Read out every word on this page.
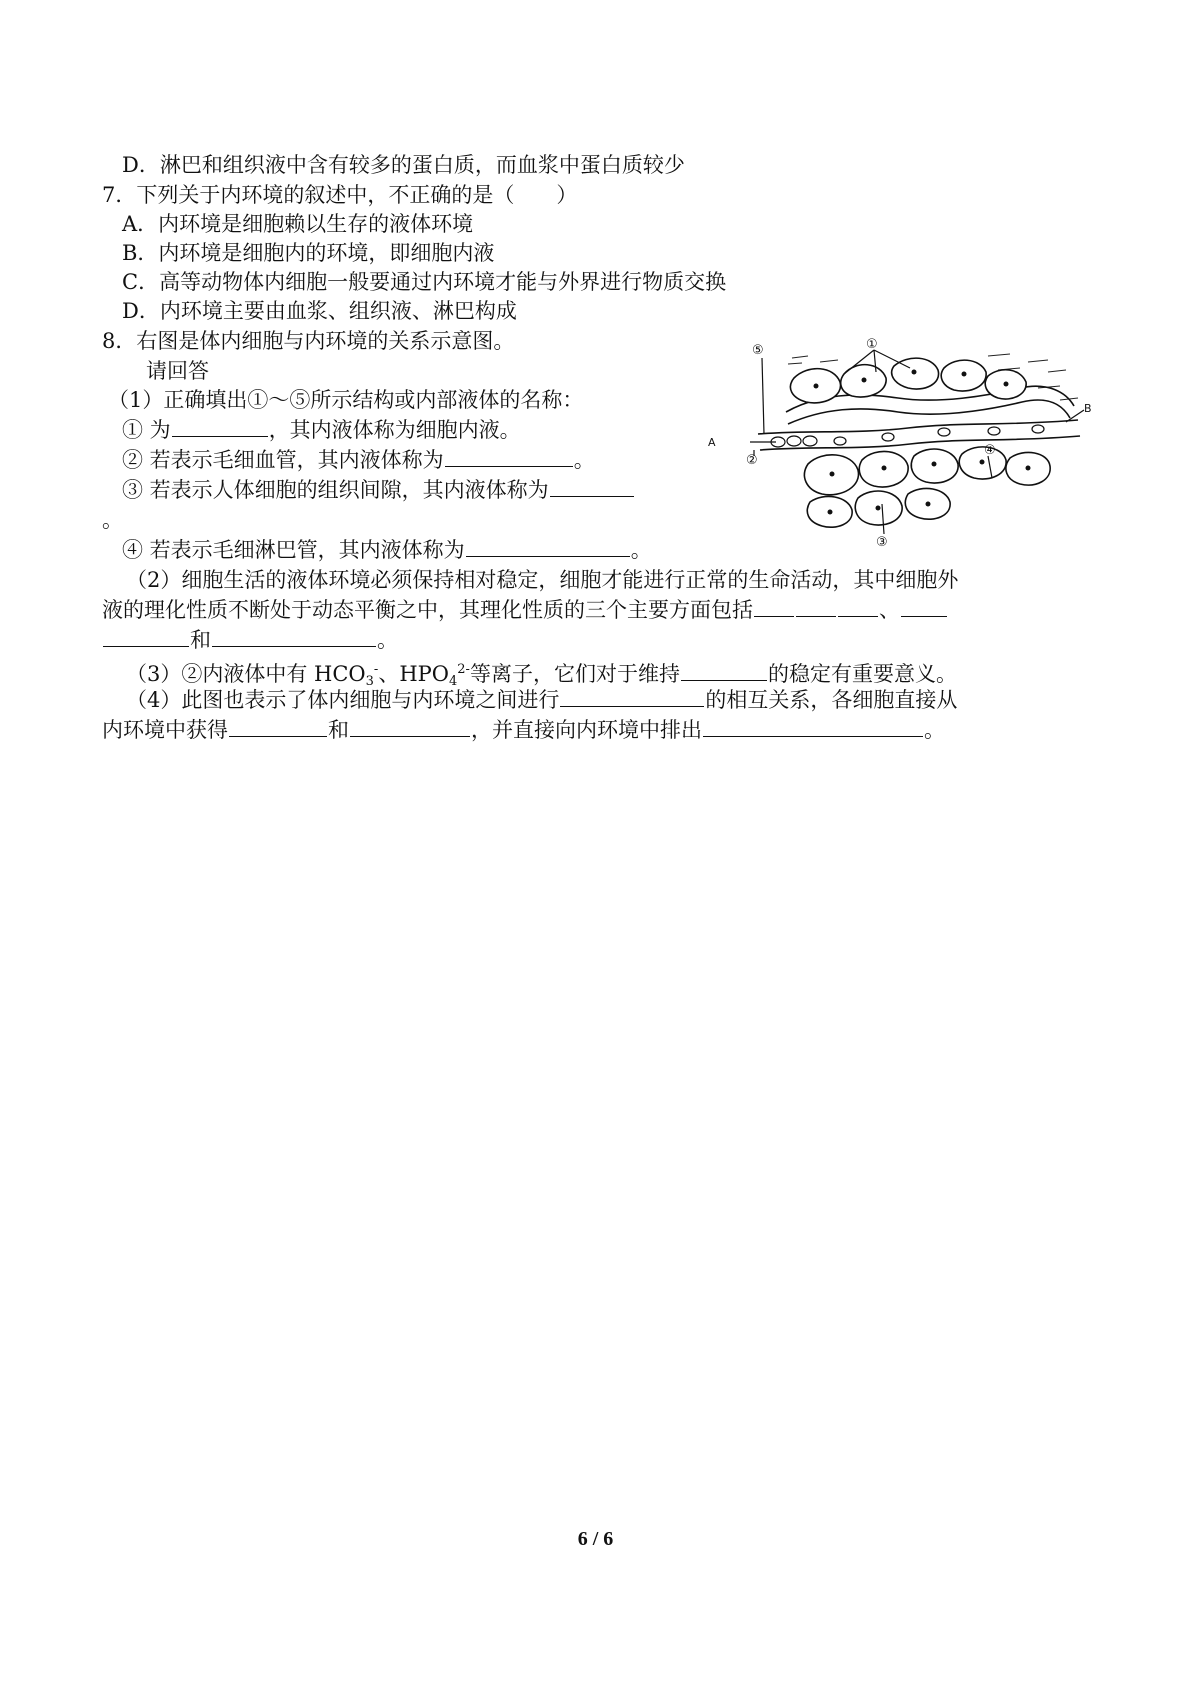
D．淋巴和组织液中含有较多的蛋白质，而血浆中蛋白质较少
7．下列关于内环境的叙述中，不正确的是（　　）
A．内环境是细胞赖以生存的液体环境
B．内环境是细胞内的环境，即细胞内液
C．高等动物体内细胞一般要通过内环境才能与外界进行物质交换
D．内环境主要由血浆、组织液、淋巴构成
8．右图是体内细胞与内环境的关系示意图。
请回答
（1）正确填出①～⑤所示结构或内部液体的名称：
① 为	，其内液体称为细胞内液。
② 若表示毛细血管，其内液体称为	。
③ 若表示人体细胞的组织间隙，其内液体称为
。
④ 若表示毛细淋巴管，其内液体称为	。
（2）细胞生活的液体环境必须保持相对稳定，细胞才能进行正常的生命活动，其中细胞外
液的理化性质不断处于动态平衡之中，其理化性质的三个主要方面包括	、
和	。
（3）②内液体中有 $HCO_3^-$、$HPO_4^{2-}$等离子，它们对于维持	的稳定有重要意义。
（4）此图也表示了体内细胞与内环境之间进行	的相互关系，各细胞直接从
内环境中获得	和	，并直接向内环境中排出	。
①
⑤
②
④
③
A
B
6 / 6
